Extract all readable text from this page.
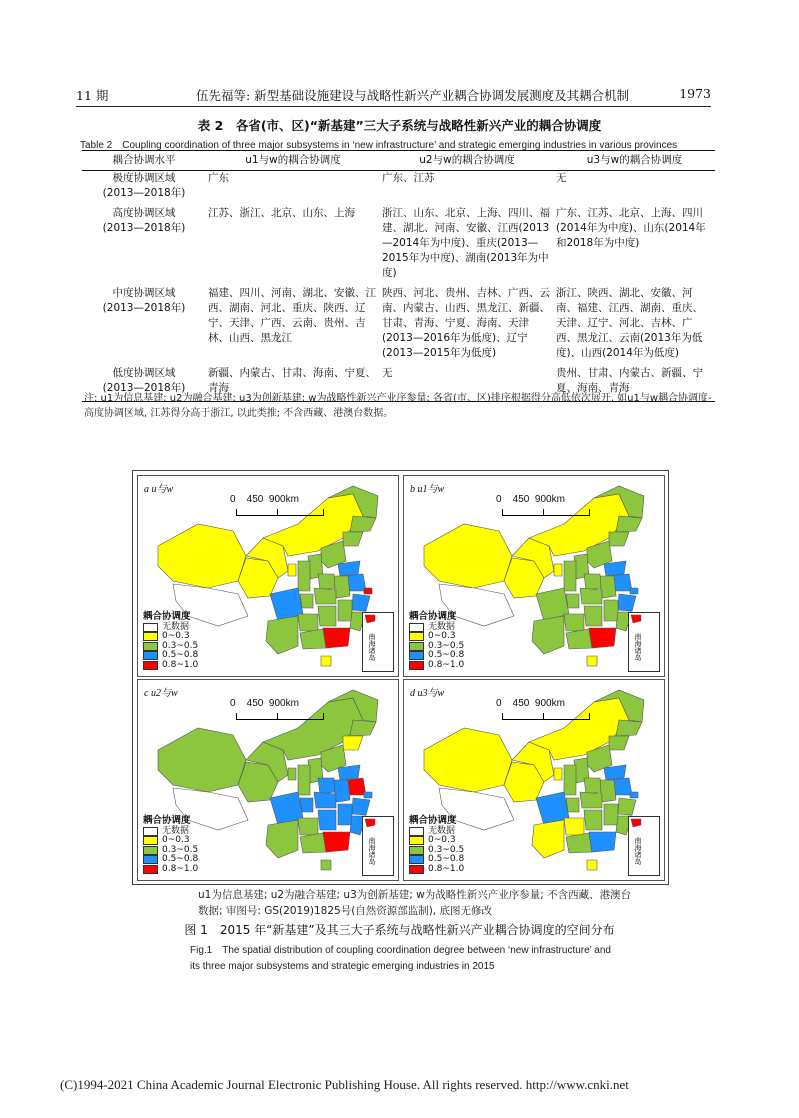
11 期	伍先福等: 新型基础设施建设与战略性新兴产业耦合协调发展测度及其耦合机制	1973
表 2　各省(市、区)“新基建”三大子系统与战略性新兴产业的耦合协调度
Table 2　Coupling coordination of three major subsystems in ‘new infrastructure’ and strategic emerging industries in various provinces
耦合协调水平	u1与w的耦合协调度	u2与w的耦合协调度	u3与w的耦合协调度

极度协调区域
(2013—2018年)	广东	广东、江苏	无

高度协调区域
(2013—2018年)	江苏、浙江、北京、山东、上海	浙江、山东、北京、上海、四川、福建、湖北、河南、安徽、江西(2013—2014年为中度)、重庆(2013—2015年为中度)、湖南(2013年为中度)	广东、江苏、北京、上海、四川(2014年为中度)、山东(2014年和2018年为中度)

中度协调区域
(2013—2018年)	福建、四川、河南、湖北、安徽、江西、湖南、河北、重庆、陕西、辽宁、天津、广西、云南、贵州、吉林、山西、黑龙江	陕西、河北、贵州、吉林、广西、云南、内蒙古、山西、黑龙江、新疆、甘肃、青海、宁夏、海南、天津(2013—2016年为低度)、辽宁(2013—2015年为低度)	浙江、陕西、湖北、安徽、河南、福建、江西、湖南、重庆、天津、辽宁、河北、吉林、广西、黑龙江、云南(2013年为低度)、山西(2014年为低度)

低度协调区域
(2013—2018年)	新疆、内蒙古、甘肃、海南、宁夏、青海	无	贵州、甘肃、内蒙古、新疆、宁夏、海南、青海
注: u1为信息基建; u2为融合基建; u3为创新基建; w为战略性新兴产业序参量; 各省(市、区)排序根据得分高低依次展开, 如u1与w耦合协调度-高度协调区域, 江苏得分高于浙江, 以此类推; 不含西藏、港澳台数据。
a u与w
0    450  900km
耦合协调度
无数据
0~0.3
0.3~0.5
0.5~0.8
0.8~1.0
南海诸岛
b u1与w
0    450  900km
耦合协调度
无数据
0~0.3
0.3~0.5
0.5~0.8
0.8~1.0
南海诸岛
c u2与w
0    450  900km
耦合协调度
无数据
0~0.3
0.3~0.5
0.5~0.8
0.8~1.0
南海诸岛
d u3与w
0    450  900km
耦合协调度
无数据
0~0.3
0.3~0.5
0.5~0.8
0.8~1.0
南海诸岛
u1为信息基建; u2为融合基建; u3为创新基建; w为战略性新兴产业序参量; 不含西藏、港澳台数据; 审图号: GS(2019)1825号(自然资源部监制), 底图无修改
图 1　2015 年“新基建”及其三大子系统与战略性新兴产业耦合协调度的空间分布
Fig.1　The spatial distribution of coupling coordination degree between ‘new infrastructure’ and its three major subsystems and strategic emerging industries in 2015
(C)1994-2021 China Academic Journal Electronic Publishing House. All rights reserved. http://www.cnki.net
